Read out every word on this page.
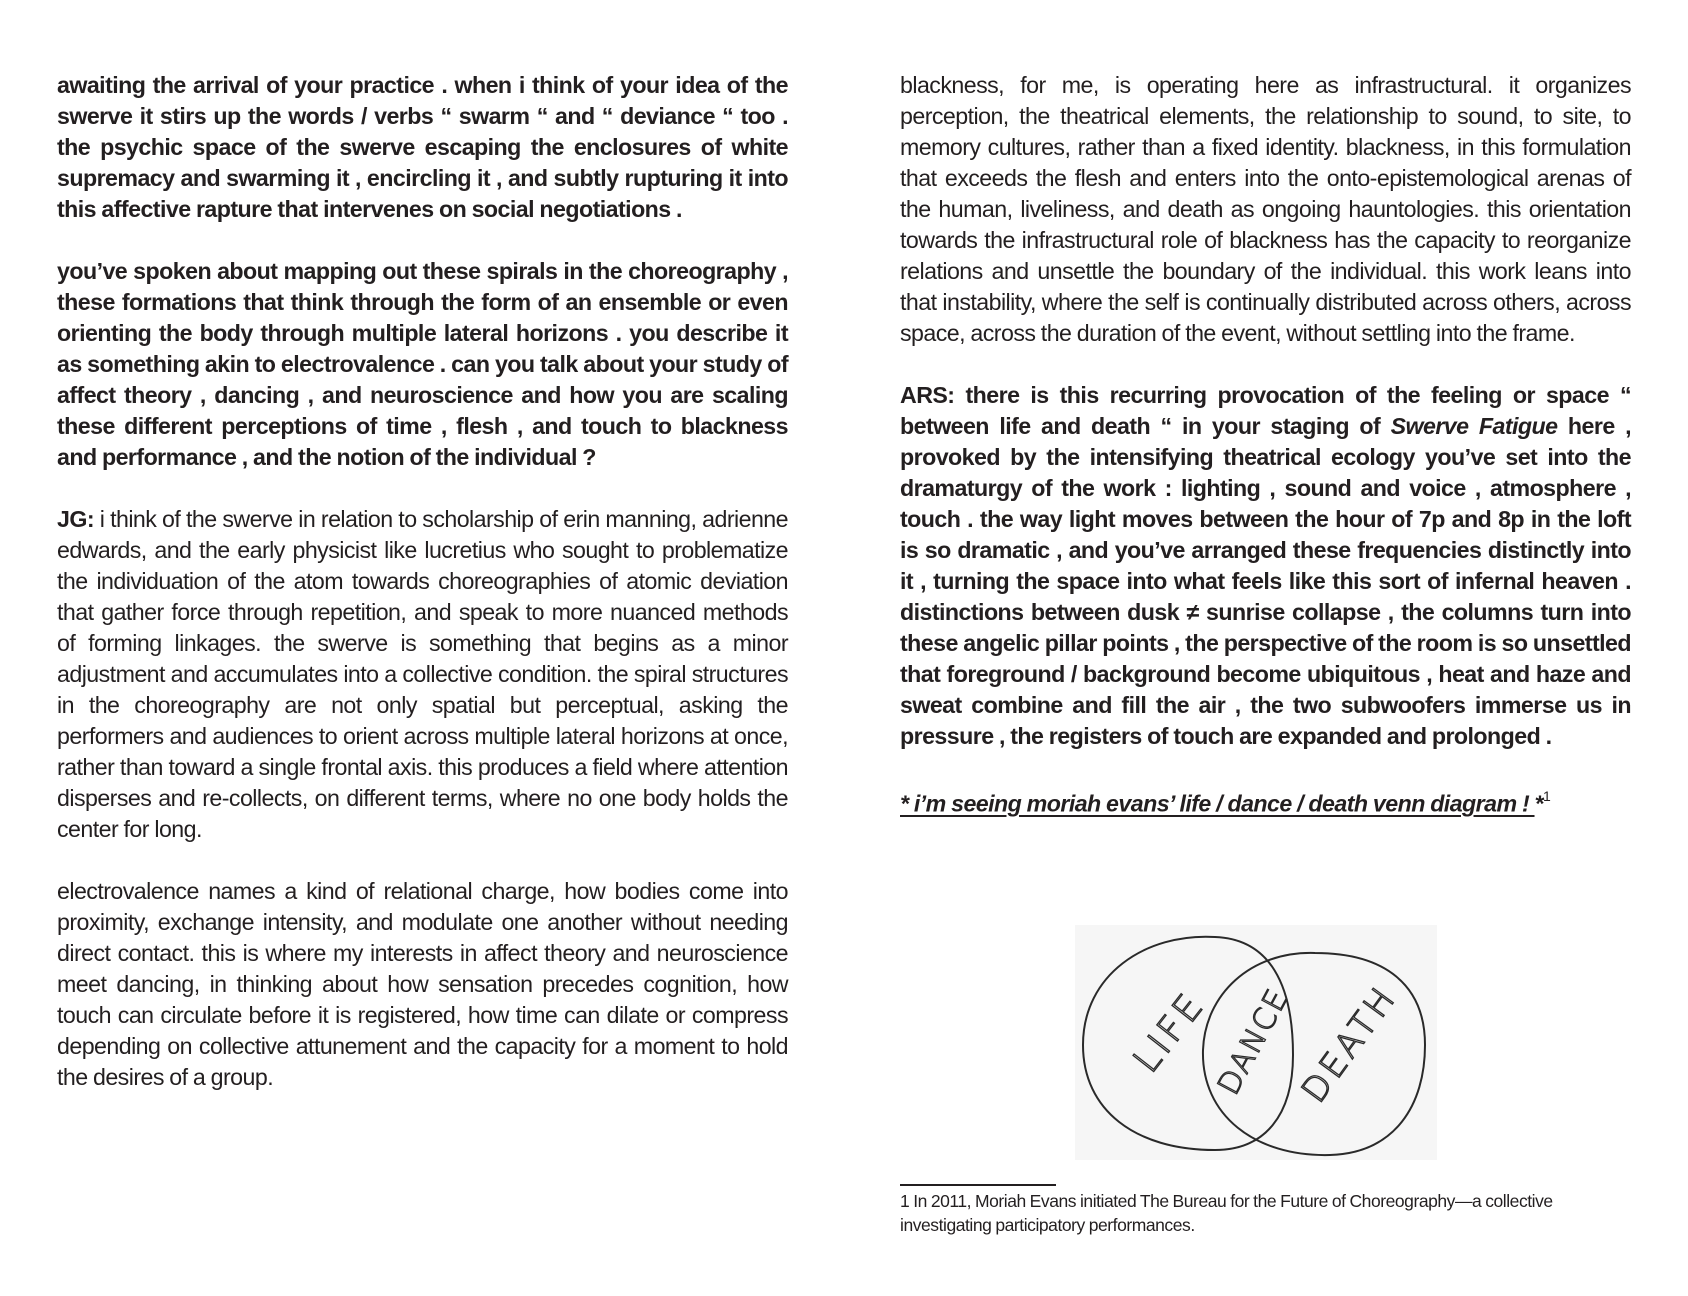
awaiting the arrival of your practice . when i think of your idea of the swerve it stirs up the words / verbs “ swarm “ and “ deviance “ too . the psychic space of the swerve escaping the enclosures of white supremacy and swarming it , encircling it , and subtly rupturing it into this affective rapture that intervenes on social negotiations .

you’ve spoken about mapping out these spirals in the choreography , these formations that think through the form of an ensemble or even orienting the body through multiple lateral horizons . you describe it as something akin to electrovalence . can you talk about your study of affect theory , dancing , and neuroscience and how you are scaling these different perceptions of time , flesh , and touch to blackness and performance , and the notion of the individual ?

JG: i think of the swerve in relation to scholarship of erin manning, adrienne edwards, and the early physicist like lucretius who sought to problematize the individuation of the atom towards choreographies of atomic deviation that gather force through repetition, and speak to more nuanced methods of forming linkages. the swerve is something that begins as a minor adjustment and accumulates into a collective condition. the spiral structures in the choreography are not only spatial but perceptual, asking the performers and audiences to orient across multiple lateral horizons at once, rather than toward a single frontal axis. this produces a field where attention disperses and re-collects, on different terms, where no one body holds the center for long.

electrovalence names a kind of relational charge, how bodies come into proximity, exchange intensity, and modulate one another without needing direct contact. this is where my interests in affect theory and neuroscience meet dancing, in thinking about how sensation precedes cognition, how touch can circulate before it is registered, how time can dilate or compress depending on collective attunement and the capacity for a moment to hold the desires of a group.

blackness, for me, is operating here as infrastructural. it organizes perception, the theatrical elements, the relationship to sound, to site, to memory cultures, rather than a fixed identity. blackness, in this formulation that exceeds the flesh and enters into the onto-epistemological arenas of the human, liveliness, and death as ongoing hauntologies. this orientation towards the infrastructural role of blackness has the capacity to reorganize relations and unsettle the boundary of the individual. this work leans into that instability, where the self is continually distributed across others, across space, across the duration of the event, without settling into the frame.

ARS: there is this recurring provocation of the feeling or space “ between life and death “ in your staging of Swerve Fatigue here , provoked by the intensifying theatrical ecology you’ve set into the dramaturgy of the work : lighting , sound and voice , atmosphere , touch . the way light moves between the hour of 7p and 8p in the loft is so dramatic , and you’ve arranged these frequencies distinctly into it , turning the space into what feels like this sort of infernal heaven . distinctions between dusk ≠ sunrise collapse , the columns turn into these angelic pillar points , the perspective of the room is so unsettled that foreground / background become ubiquitous , heat and haze and sweat combine and fill the air , the two subwoofers immerse us in pressure , the registers of touch are expanded and prolonged .

* i’m seeing moriah evans’ life / dance / death venn diagram ! *$^1$

LIFE
DANCE
DEATH
1 In 2011, Moriah Evans initiated The Bureau for the Future of Choreography—a collective investigating participatory performances.
